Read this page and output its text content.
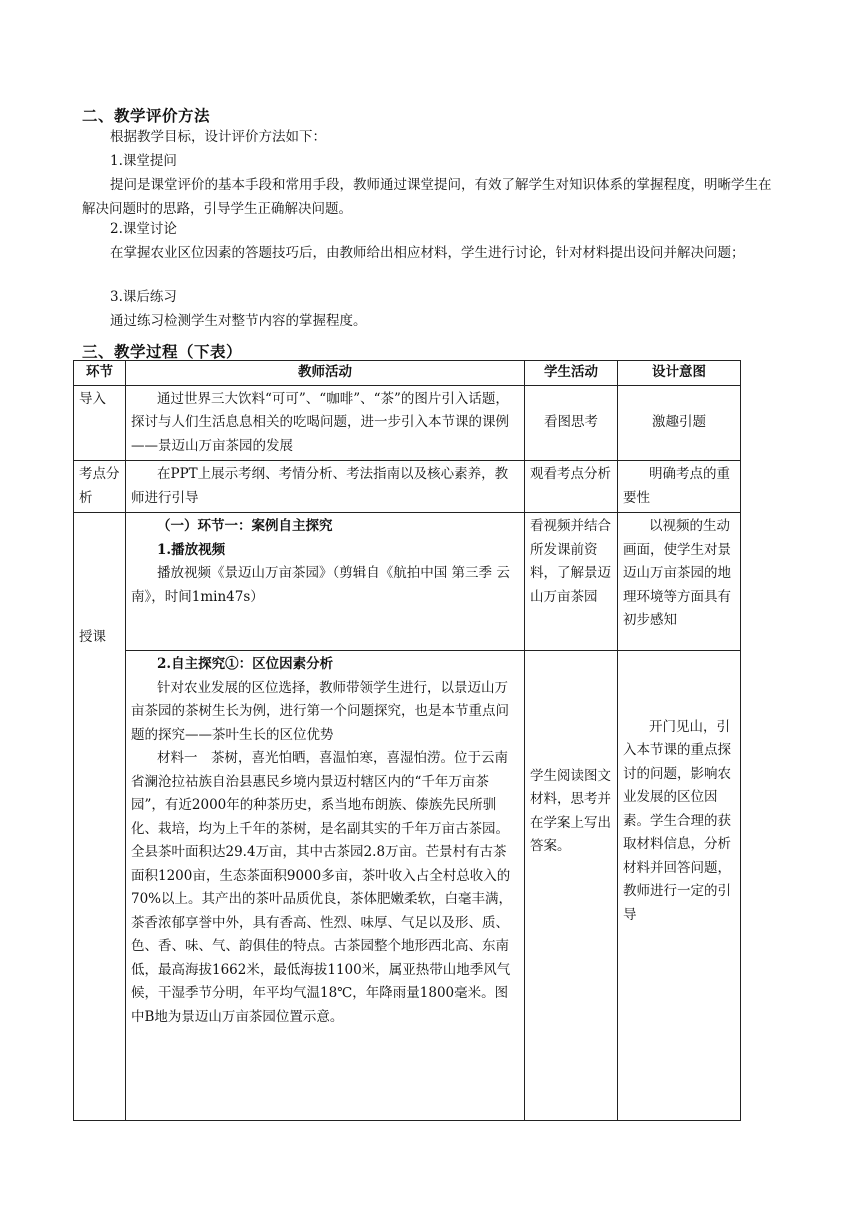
二、教学评价方法
根据教学目标，设计评价方法如下：
1.课堂提问
提问是课堂评价的基本手段和常用手段，教师通过课堂提问，有效了解学生对知识体系的掌握程度，明晰学生在解决问题时的思路，引导学生正确解决问题。
2.课堂讨论
在掌握农业区位因素的答题技巧后，由教师给出相应材料，学生进行讨论，针对材料提出设问并解决问题；
3.课后练习
通过练习检测学生对整节内容的掌握程度。
三、教学过程（下表）
环节	教师活动	学生活动	设计意图
导入	通过世界三大饮料“可可”、“咖啡”、“茶”的图片引入话题，探讨与人们生活息息相关的吃喝问题，进一步引入本节课的课例——景迈山万亩茶园的发展	看图思考	激趣引题
考点分析	在PPT上展示考纲、考情分析、考法指南以及核心素养，教师进行引导	观看考点分析	明确考点的重要性
授课	（一）环节一：案例自主探究

1.播放视频

播放视频《景迈山万亩茶园》（剪辑自《航拍中国 第三季 云南》，时间1min47s）	看视频并结合所发课前资料，了解景迈山万亩茶园	以视频的生动画面，使学生对景迈山万亩茶园的地理环境等方面具有初步感知

	2.自主探究①：区位因素分析

针对农业发展的区位选择，教师带领学生进行，以景迈山万亩茶园的茶树生长为例，进行第一个问题探究，也是本节重点问题的探究——茶叶生长的区位优势

材料一　茶树，喜光怕晒，喜温怕寒，喜湿怕涝。位于云南省澜沧拉祜族自治县惠民乡境内景迈村辖区内的“千年万亩茶园”，有近2000年的种茶历史，系当地布朗族、傣族先民所驯化、栽培，均为上千年的茶树，是名副其实的千年万亩古茶园。全县茶叶面积达29.4万亩，其中古茶园2.8万亩。芒景村有古茶面积1200亩，生态茶面积9000多亩，茶叶收入占全村总收入的70%以上。其产出的茶叶品质优良，茶体肥嫩柔软，白毫丰满，茶香浓郁享誉中外，具有香高、性烈、味厚、气足以及形、质、色、香、味、气、韵俱佳的特点。古茶园整个地形西北高、东南低，最高海拔1662米，最低海拔1100米，属亚热带山地季风气候，干湿季节分明，年平均气温18℃，年降雨量1800毫米。图中B地为景迈山万亩茶园位置示意。	学生阅读图文材料，思考并在学案上写出答案。	开门见山，引入本节课的重点探讨的问题，影响农业发展的区位因素。学生合理的获取材料信息，分析材料并回答问题，教师进行一定的引导
